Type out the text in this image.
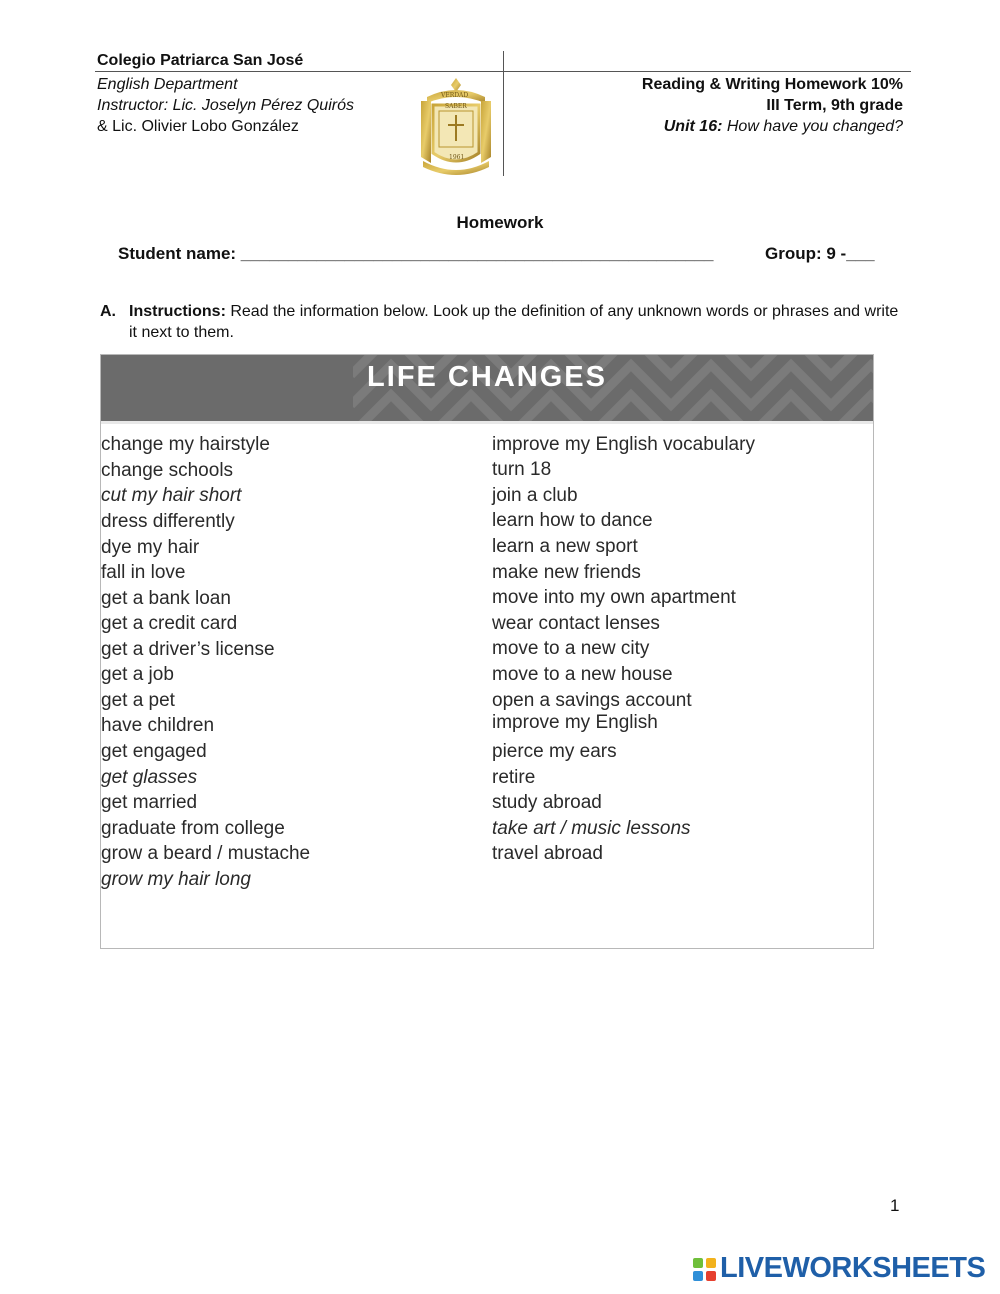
Colegio Patriarca San José
English Department
Instructor: Lic. Joselyn Pérez Quirós
& Lic. Olivier Lobo González
VERDAD
SABER
1961
Reading & Writing Homework 10%
III Term, 9th grade
Unit 16: How have you changed?
Homework
Student name: __________________________________________________	Group: 9 -___
A. Instructions: Read the information below. Look up the definition of any unknown words or phrases and write it next to them.
LIFE CHANGES
change my hairstyle
change schools
cut my hair short
dress differently
dye my hair
fall in love
get a bank loan
get a credit card
get a driver’s license
get a job
get a pet
have children
get engaged
get glasses
get married
graduate from college
grow a beard / mustache
grow my hair long
improve my English vocabulary
turn 18
join a club
learn how to dance
learn a new sport
make new friends
move into my own apartment
wear contact lenses
move to a new city
move to a new house
open a savings account
improve my English
pierce my ears
retire
study abroad
take art / music lessons
travel abroad
1
LIVEWORKSHEETS
